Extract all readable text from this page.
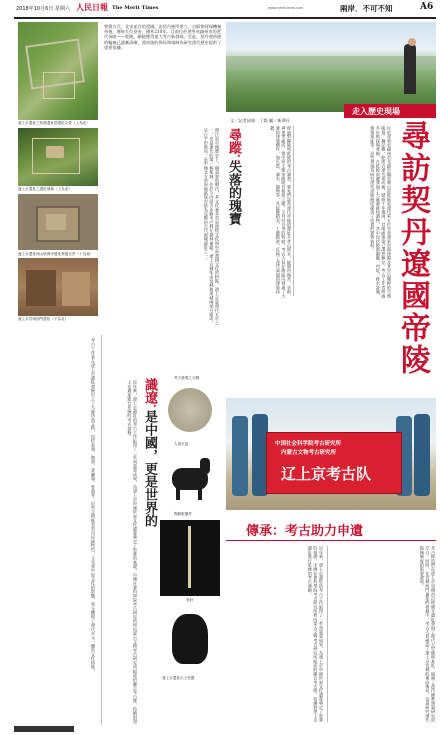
2018年10月6日 星期六 人民日報 The Merit Times	www.merit-times.com	兩岸．不可不知	A6
遼上京遺址之西漢遺址群遺址全景（上為北）
遼上京遺址之遺址城墙（上為北）
遼上京遺址西山坡佛寺遺址發掘全景（下為東）
遼上京宮城西門遺址（下為北）
曾與五代、北宋並存的遼國，由契丹族所建立，自耶律阿保機稱帝後，歷經九位皇帝，國祚210年。目前位於遼寧省錦州市的遼代帝陵——乾陵，顯陵獲得重大考古新發現。至此，契丹遼帝陵的輪廓已逐漸清晰，遼帝陵的佈局和規制為研究遼代歷史提供了重要依據。
走入歷史現場
文／記者邱林．丁銘 圖／新華社	尋訪契丹遼國帝陵
位於遼寧省錦州市北鎮市醫巫閭山的乾陵是遼代第五位皇帝遼景宗耶律賢及其皇后蕭綽的合葬陵墓。據記載，乾陵自遼代建成後，歷經千年風雨，其地面建築已蕩然無存。考古工作者經過多年勘探與發掘，在乾陵周邊發現了大量遺跡和遺物，其中包括陵園圍牆、門址、排水設施、建築基址等。這些發現為研究遼代帝陵制度提供了珍貴的實物資料。
經過對顯陵和乾陵的考古調查，專家們認為遼代帝陵的選址多背山面水，陵園由地宮、享殿、神道等組成，與中原王朝帝陵既有相似之處，又有其自身的特點。考古人員在陵區內發現了大量的建築構件，如瓦當、滴水、鴟吻等，其紋飾精美，工藝精湛，反映了遼代高超的建築技藝。
尋蹤：
失落的瑰寶
遼代是中國歷史上一個重要的朝代，其文化兼具草原遊牧文化和中原農耕文化的特點。遼上京是遼代五京之一，也是遼代的第一個都城，位於今內蒙古赤峰市巴林左旗林東鎮。遼上京城址由皇城和漢城兩部分組成，呈日字形佈局，是中國北方草原地區保存最為完整的古代都城遺址之一。
考古工作者在遼上京遺址發掘出土了大量珍貴文物，包括瓷器、陶器、金屬器、骨器等。這些文物既有契丹民族特色，又受到中原文化的影響，充分體現了遼代多元一體的文化特徵。	近年來，遼上京遺址的考古工作取得了一系列重要成果，為遼上京申報世界文化遺產奠定了堅實的基礎。中國社會科學院考古研究所和內蒙古文物考古研究所組成的聯合考古隊，持續對遼上京遺址進行系統的考古發掘。 識遼：
是中國，更是世界的
考古發現之石槨
人面瓦當
陶駱駝擺件
骨針
遼上京遺址出土瓷器
中国社会科学院考古研究所
内蒙古文物考古研究所
辽上京考古队
傳承：考古助力申遺
考古隊員們在遼上京皇城西山坡佛寺遺址發現了遼代大型佛塔基址，填補了遼代佛教建築研究的空白。同時，在宮城西門遺址的發掘中，考古人員確認了遼上京宮城的東向佈局，這是研究遼代都城制度的重要發現。
近年來，遼上京遺址的考古工作取得了一系列重要成果，為遼上京申報世界文化遺產奠定了堅實的基礎。中國社會科學院考古研究所和內蒙古文物考古研究所組成的聯合考古隊，持續對遼上京遺址進行系統的考古發掘。
